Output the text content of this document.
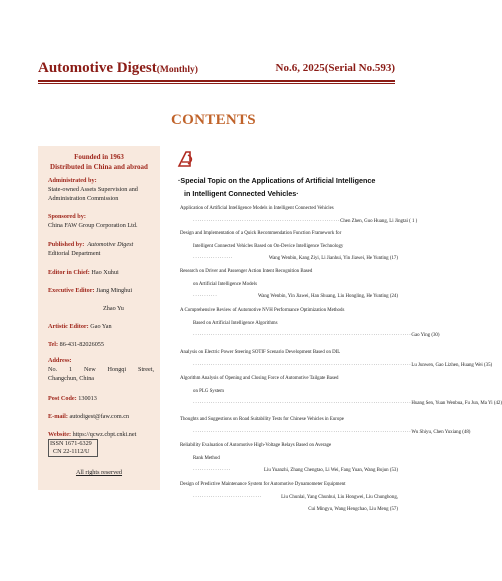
Automotive Digest(Monthly)	No.6, 2025(Serial No.593)
CONTENTS
Founded in 1963
Distributed in China and abroad
Administrated by:
State-owned Assets Supervision and
Administration Commission
Sponsored by:
China FAW Group Corporation Ltd.
Published by: Automotive Digest
Editorial Department
Editor in Chief: Hao Xuhui
Executive Editor: Jiang Minghui
Zhao Yu
Artistic Editor: Gao Yan
Tel: 86-431-82026055
Address:
No. 1 New Hongqi Street,
Changchun, China
Post Code: 130013
E-mail: autodigest@faw.com.cn
Website: https://qcwz.cbpt.cnki.net
ISSN 1671-6329
CN 22-1112/U
All rights reserved
·Special Topic on the Applications of Artificial Intelligence
in Intelligent Connected Vehicles·
Application of Artificial Intelligence Models in Intelligent Connected Vehicles
·································································· Chen Zhen, Guo Huang, Li Jingtai ( 1 )
Design and Implementation of a Quick Recommendation Function Framework for
Intelligent Connected Vehicles Based on On-Device Intelligence Technology
··················	Wang Wenbin, Kang Ziyi, Li Jianhui, Yin Jiawei, He Yunting (17)
Research on Driver and Passenger Action Intent Recognition Based
on Artificial Intelligence Models
···········	Wang Wenbin, Yin Jiawei, Han Shuang, Liu Hongling, He Yunting (24)
A Comprehensive Review of Automotive NVH Performance Optimization Methods
Based on Artificial Intelligence Algorithms
·································································································· Gao Ying (30)
Analysis on Electric Power Steering SOTIF Scenario Development Based on DIL
·································································································· Lu Junwen, Gao Lizhen, Huang Wei (35)
Algorithm Analysis of Opening and Closing Force of Automotive Tailgate Based
on PLG System
·································································································· Huang Sen, Yuan Wenbua, Fu Jun, Ma Yi (42)
Thoughts and Suggestions on Road Suitability Tests for Chinese Vehicles in Europe
·································································································· Wu Shiyu, Chen Yuxiang (48)
Reliability Evaluation of Automotive High-Voltage Relays Based on Average
Rank Method
·················	Liu Yuanzhi, Zhang Chengtao, Li Wei, Fang Yuan, Wang Bojun (53)
Design of Predictive Maintenance System for Automotive Dynamometer Equipment
·······························	Liu Chunlai, Yang Chunhui, Liu Hongwei, Liu Chunghong,
Cui Mingyu, Wang Hengchao, Liu Meng (57)
